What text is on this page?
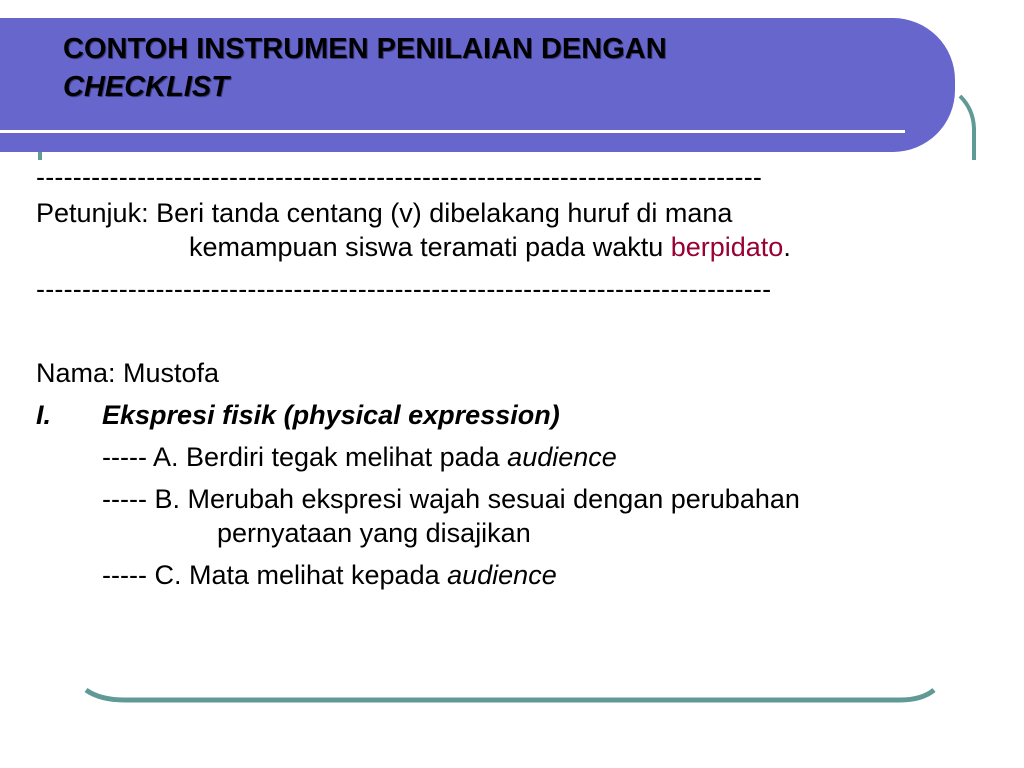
CONTOH INSTRUMEN PENILAIAN DENGAN
CHECKLIST
-------------------------------------------------------------------------------
Petunjuk: Beri tanda centang (v) dibelakang huruf di mana
kemampuan siswa teramati pada waktu berpidato.
--------------------------------------------------------------------------------
Nama: Mustofa
I. Ekspresi fisik (physical expression)
----- A. Berdiri tegak melihat pada audience
----- B. Merubah ekspresi wajah sesuai dengan perubahan
pernyataan yang disajikan
----- C. Mata melihat kepada audience
